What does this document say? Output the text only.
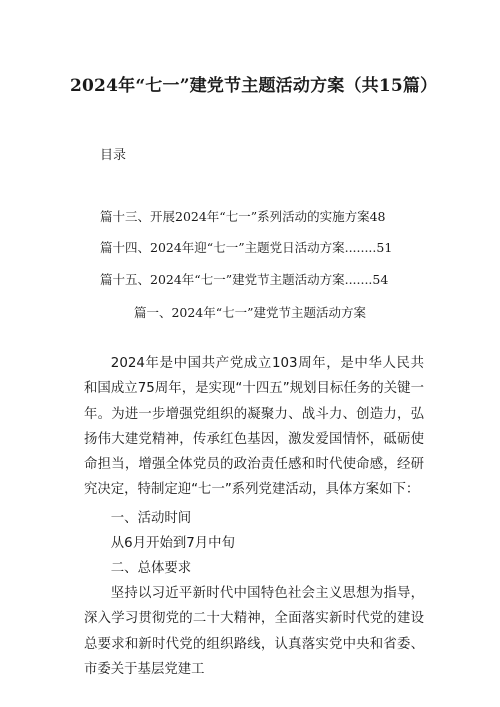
2024年“七一”建党节主题活动方案（共15篇）
目录
篇十三、开展2024年“七一”系列活动的实施方案48
篇十四、2024年迎“七一”主题党日活动方案........51
篇十五、2024年“七一”建党节主题活动方案.......54
篇一、2024年“七一”建党节主题活动方案

2024年是中国共产党成立103周年，是中华人民共和国成立75周年，是实现“十四五”规划目标任务的关键一年。为进一步增强党组织的凝聚力、战斗力、创造力，弘扬伟大建党精神，传承红色基因，激发爱国情怀，砥砺使命担当，增强全体党员的政治责任感和时代使命感，经研究决定，特制定迎“七一”系列党建活动，具体方案如下：

一、活动时间
从6月开始到7月中旬
二、总体要求

坚持以习近平新时代中国特色社会主义思想为指导，深入学习贯彻党的二十大精神，全面落实新时代党的建设总要求和新时代党的组织路线，认真落实党中央和省委、市委关于基层党建工
